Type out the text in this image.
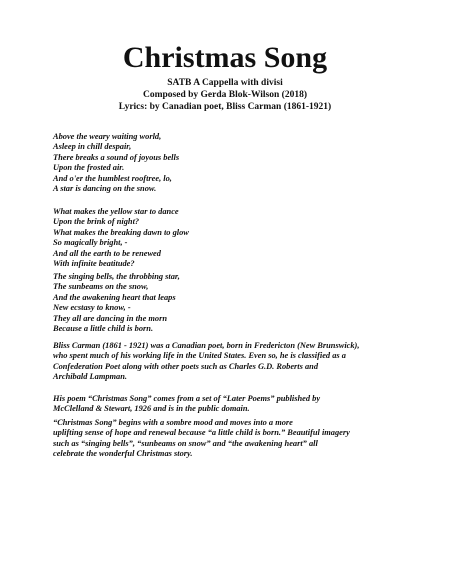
Christmas Song

SATB A Cappella with divisi

Composed by Gerda Blok-Wilson (2018)

Lyrics: by Canadian poet, Bliss Carman (1861-1921)

Above the weary waiting world,
Asleep in chill despair,
There breaks a sound of joyous bells
Upon the frosted air.
And o'er the humblest rooftree, lo,
A star is dancing on the snow.
What makes the yellow star to dance
Upon the brink of night?
What makes the breaking dawn to glow
So magically bright, -
And all the earth to be renewed
With infinite beatitude?
The singing bells, the throbbing star,
The sunbeams on the snow,
And the awakening heart that leaps
New ecstasy to know, -
They all are dancing in the morn
Because a little child is born.
Bliss Carman (1861 - 1921) was a Canadian poet, born in Fredericton (New Brunswick),
who spent much of his working life in the United States. Even so, he is classified as a
Confederation Poet along with other poets such as Charles G.D. Roberts and
Archibald Lampman.
His poem “Christmas Song” comes from a set of “Later Poems” published by
McClelland & Stewart, 1926 and is in the public domain.
“Christmas Song” begins with a sombre mood and moves into a more
uplifting sense of hope and renewal because “a little child is born.” Beautiful imagery
such as “singing bells”, “sunbeams on snow” and “the awakening heart” all
celebrate the wonderful Christmas story.
